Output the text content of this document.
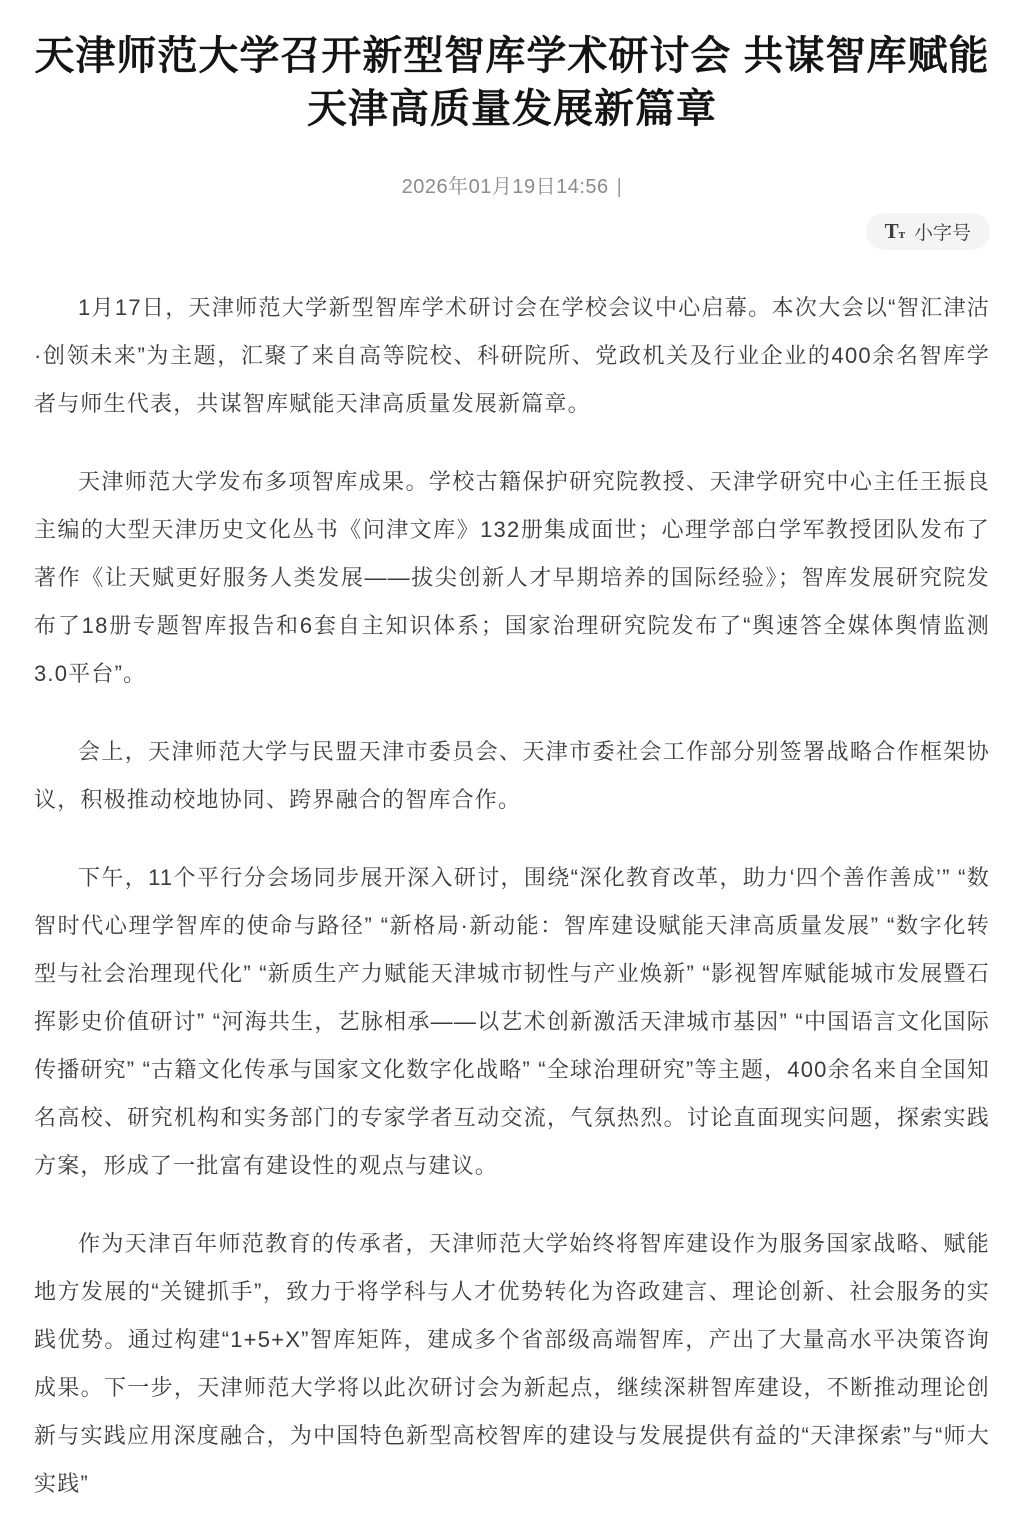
天津师范大学召开新型智库学术研讨会 共谋智库赋能天津高质量发展新篇章
2026年01月19日14:56 |
T т 小字号

1月17日，天津师范大学新型智库学术研讨会在学校会议中心启幕。本次大会以“智汇津沽·创领未来”为主题，汇聚了来自高等院校、科研院所、党政机关及行业企业的400余名智库学者与师生代表，共谋智库赋能天津高质量发展新篇章。

天津师范大学发布多项智库成果。学校古籍保护研究院教授、天津学研究中心主任王振良主编的大型天津历史文化丛书《问津文库》132册集成面世；心理学部白学军教授团队发布了著作《让天赋更好服务人类发展——拔尖创新人才早期培养的国际经验》；智库发展研究院发布了18册专题智库报告和6套自主知识体系；国家治理研究院发布了“舆速答全媒体舆情监测3.0平台”。

会上，天津师范大学与民盟天津市委员会、天津市委社会工作部分别签署战略合作框架协议，积极推动校地协同、跨界融合的智库合作。

下午，11个平行分会场同步展开深入研讨，围绕“深化教育改革，助力‘四个善作善成’” “数智时代心理学智库的使命与路径” “新格局·新动能：智库建设赋能天津高质量发展” “数字化转型与社会治理现代化” “新质生产力赋能天津城市韧性与产业焕新” “影视智库赋能城市发展暨石挥影史价值研讨” “河海共生，艺脉相承——以艺术创新激活天津城市基因” “中国语言文化国际传播研究” “古籍文化传承与国家文化数字化战略” “全球治理研究”等主题，400余名来自全国知名高校、研究机构和实务部门的专家学者互动交流，气氛热烈。讨论直面现实问题，探索实践方案，形成了一批富有建设性的观点与建议。

作为天津百年师范教育的传承者，天津师范大学始终将智库建设作为服务国家战略、赋能地方发展的“关键抓手”，致力于将学科与人才优势转化为咨政建言、理论创新、社会服务的实践优势。通过构建“1+5+X”智库矩阵，建成多个省部级高端智库，产出了大量高水平决策咨询成果。下一步，天津师范大学将以此次研讨会为新起点，继续深耕智库建设，不断推动理论创新与实践应用深度融合，为中国特色新型高校智库的建设与发展提供有益的“天津探索”与“师大实践”
